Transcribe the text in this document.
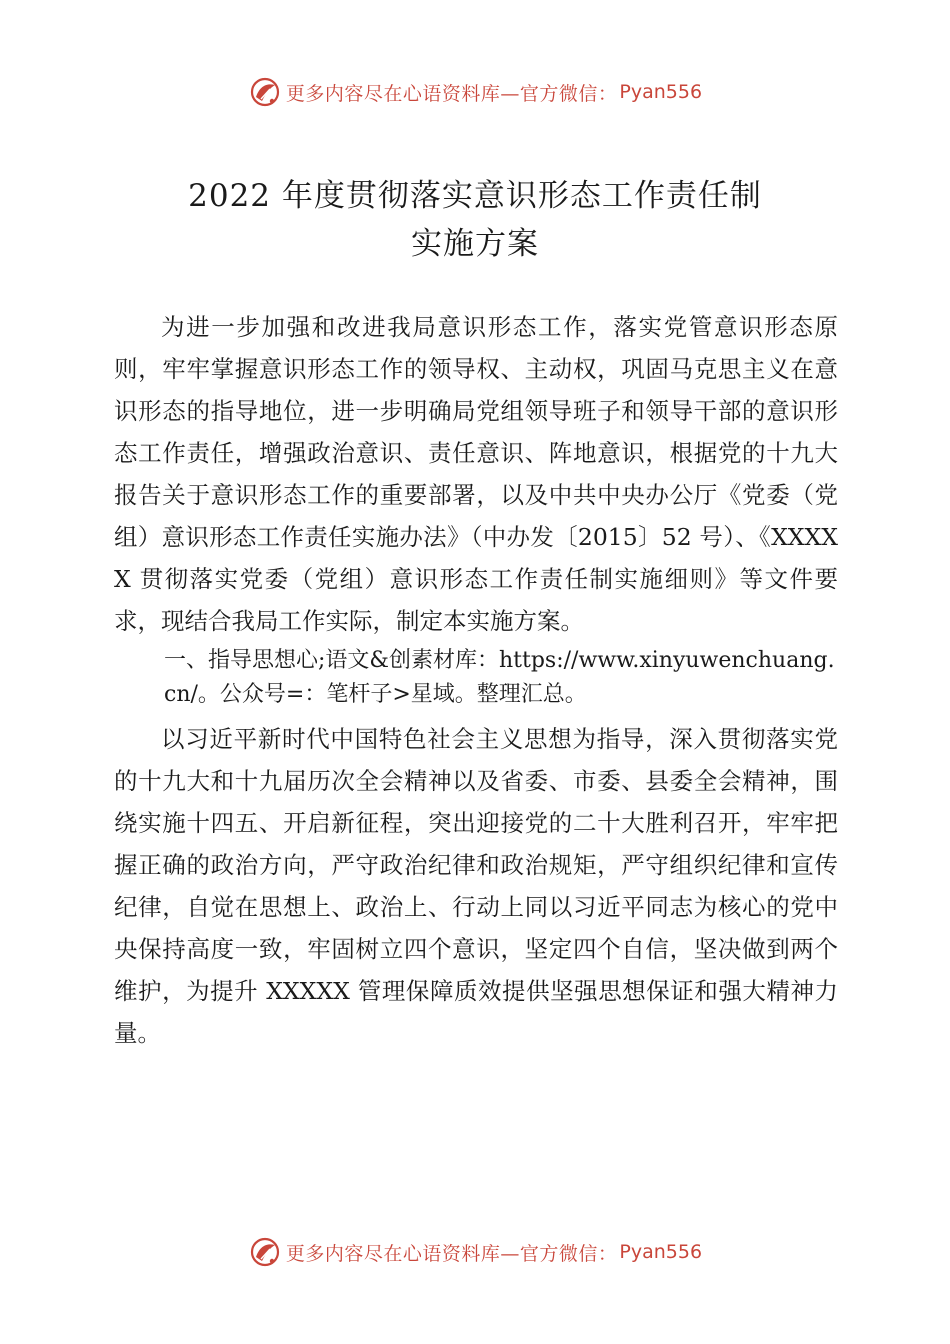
更多内容尽在心语资料库—官方微信： Pyan556
2022 年度贯彻落实意识形态工作责任制
实施方案

为进一步加强和改进我局意识形态工作，落实党管意识形态原则，牢牢掌握意识形态工作的领导权、主动权，巩固马克思主义在意识形态的指导地位，进一步明确局党组领导班子和领导干部的意识形态工作责任，增强政治意识、责任意识、阵地意识，根据党的十九大报告关于意识形态工作的重要部署，以及中共中央办公厅《党委（党组）意识形态工作责任实施办法》（中办发〔2015〕52 号）、《XXXXX 贯彻落实党委（党组）意识形态工作责任制实施细则》等文件要求，现结合我局工作实际，制定本实施方案。

一、指导思想心;语文&创素材库：https://www.xinyuwenchuang.cn/。公众号=：笔杆子>星域。整理汇总。

以习近平新时代中国特色社会主义思想为指导，深入贯彻落实党的十九大和十九届历次全会精神以及省委、市委、县委全会精神，围绕实施十四五、开启新征程，突出迎接党的二十大胜利召开，牢牢把握正确的政治方向，严守政治纪律和政治规矩，严守组织纪律和宣传纪律，自觉在思想上、政治上、行动上同以习近平同志为核心的党中央保持高度一致，牢固树立四个意识，坚定四个自信，坚决做到两个维护，为提升 XXXXX 管理保障质效提供坚强思想保证和强大精神力量。

更多内容尽在心语资料库—官方微信： Pyan556
